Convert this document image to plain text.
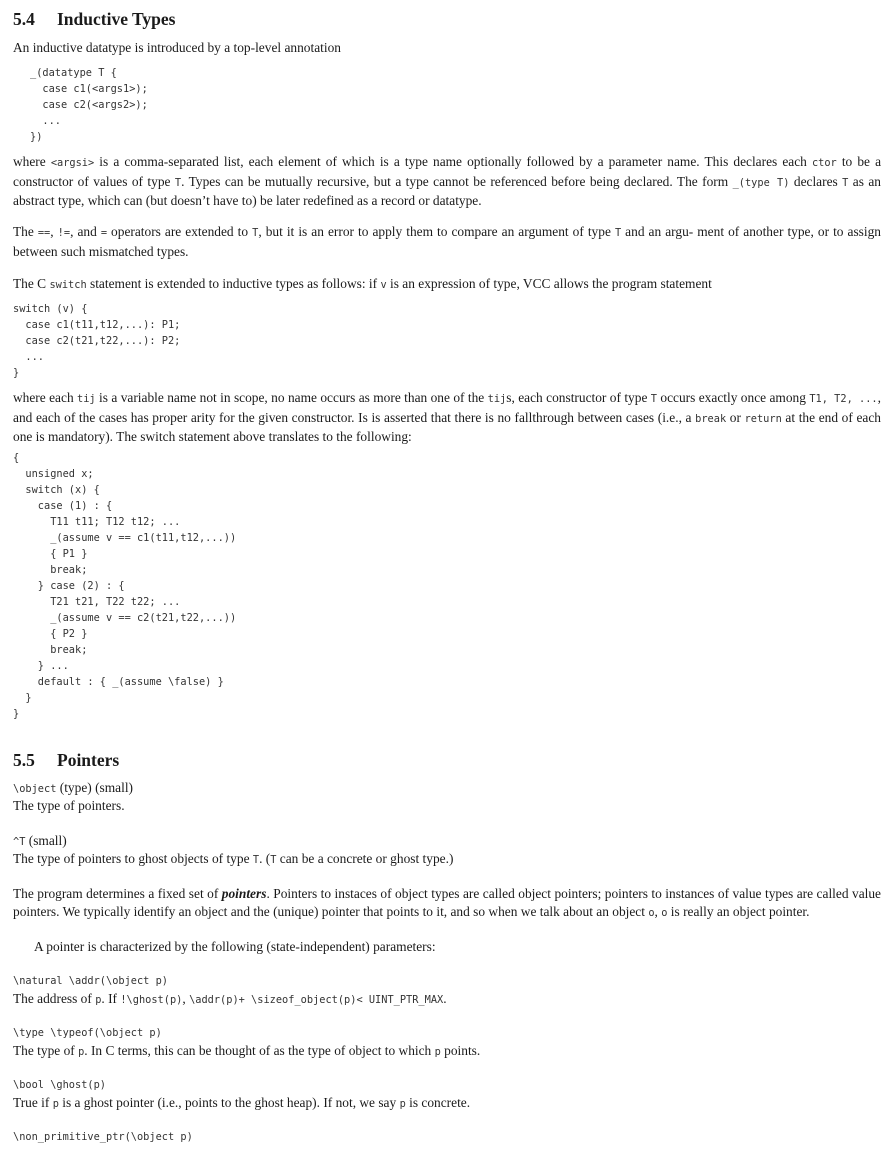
5.4 Inductive Types

An inductive datatype is introduced by a top-level annotation

_(datatype T {
case c1(<args1>);
case c2(<args2>);
...
})

where <argsi> is a comma-separated list, each element of which is a type name optionally followed by a parameter name. This declares each ctor to be a constructor of values of type T. Types can be mutually recursive, but a type cannot be referenced before being declared. The form _(type T) declares T as an abstract type, which can (but doesn’t have to) be later redefined as a record or datatype.

The ==, !=, and = operators are extended to T, but it is an error to apply them to compare an argument of type T and an argu- ment of another type, or to assign between such mismatched types.

The C switch statement is extended to inductive types as follows: if v is an expression of type, VCC allows the program statement

switch (v) {
case c1(t11,t12,...): P1;
case c2(t21,t22,...): P2;
...
}

where each tij is a variable name not in scope, no name occurs as more than one of the tijs, each constructor of type T occurs exactly once among T1, T2, ..., and each of the cases has proper arity for the given constructor. Is is asserted that there is no fallthrough between cases (i.e., a break or return at the end of each one is mandatory). The switch statement above translates to the following:

{
unsigned x;
switch (x) {
case (1) : {
T11 t11; T12 t12; ...
_(assume v == c1(t11,t12,...))
{ P1 }
break;
} case (2) : {
T21 t21, T22 t22; ...
_(assume v == c2(t21,t22,...))
{ P2 }
break;
} ...
default : { _(assume \false) }
}
}
5.5 Pointers

\object (type) (small)

The type of pointers.

^T (small)

The type of pointers to ghost objects of type T. (T can be a concrete or ghost type.)

The program determines a fixed set of pointers. Pointers to instaces of object types are called object pointers; pointers to instances of value types are called value pointers. We typically identify an object and the (unique) pointer that points to it, and so when we talk about an object o, o is really an object pointer.

A pointer is characterized by the following (state-independent) parameters:

\natural \addr(\object p)

The address of p. If !\ghost(p), \addr(p)+ \sizeof_object(p)< UINT_PTR_MAX.

\type \typeof(\object p)

The type of p. In C terms, this can be thought of as the type of object to which p points.

\bool \ghost(p)

True if p is a ghost pointer (i.e., points to the ghost heap). If not, we say p is concrete.

\non_primitive_ptr(\object p)
